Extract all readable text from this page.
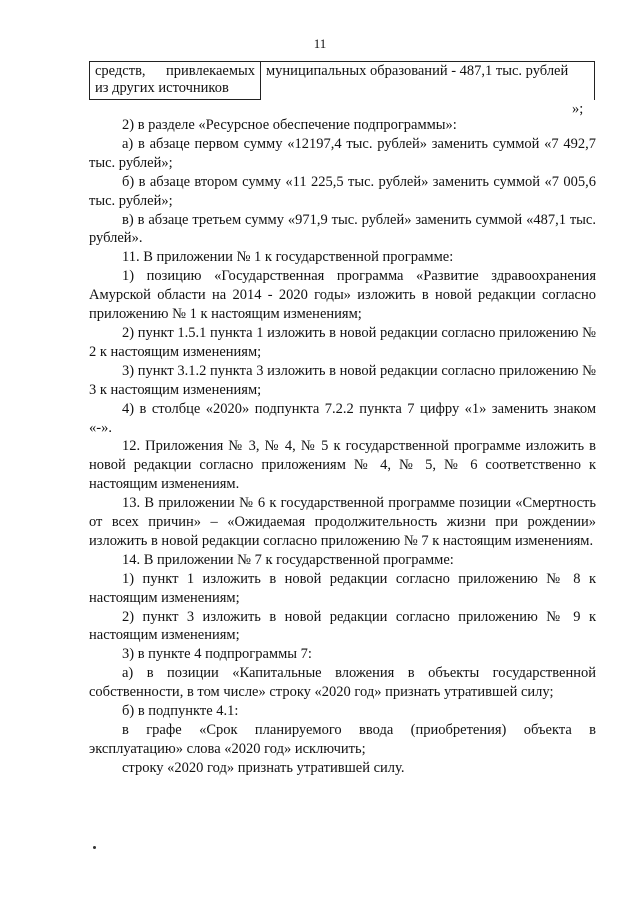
11
средств, привлекаемых
из других источников
	муниципальных образований - 487,1 тыс. рублей
»;

2) в разделе «Ресурсное обеспечение подпрограммы»:

а) в абзаце первом сумму «12197,4 тыс. рублей» заменить суммой «7 492,7 тыс. рублей»;

б) в абзаце втором сумму «11 225,5 тыс. рублей» заменить суммой «7 005,6 тыс. рублей»;

в) в абзаце третьем сумму «971,9 тыс. рублей» заменить суммой «487,1 тыс. рублей».

11. В приложении № 1 к государственной программе:

1) позицию «Государственная программа «Развитие здравоохранения Амурской области на 2014 - 2020 годы» изложить в новой редакции согласно приложению № 1 к настоящим изменениям;

2) пункт 1.5.1 пункта 1 изложить в новой редакции согласно приложению № 2 к настоящим изменениям;

3) пункт 3.1.2 пункта 3 изложить в новой редакции согласно приложению № 3 к настоящим изменениям;

4) в столбце «2020» подпункта 7.2.2 пункта 7 цифру «1» заменить знаком «-».

12. Приложения № 3, № 4, № 5 к государственной программе изложить в новой редакции согласно приложениям № 4, № 5, № 6 соответственно к настоящим изменениям.

13. В приложении № 6 к государственной программе позиции «Смертность от всех причин» – «Ожидаемая продолжительность жизни при рождении» изложить в новой редакции согласно приложению № 7 к настоящим изменениям.

14. В приложении № 7 к государственной программе:

1) пункт 1 изложить в новой редакции согласно приложению № 8 к настоящим изменениям;

2) пункт 3 изложить в новой редакции согласно приложению № 9 к настоящим изменениям;

3) в пункте 4 подпрограммы 7:

а) в позиции «Капитальные вложения в объекты государственной собственности, в том числе» строку «2020 год» признать утратившей силу;

б) в подпункте 4.1:

в графе «Срок планируемого ввода (приобретения) объекта в эксплуатацию» слова «2020 год» исключить;

строку «2020 год» признать утратившей силу.
